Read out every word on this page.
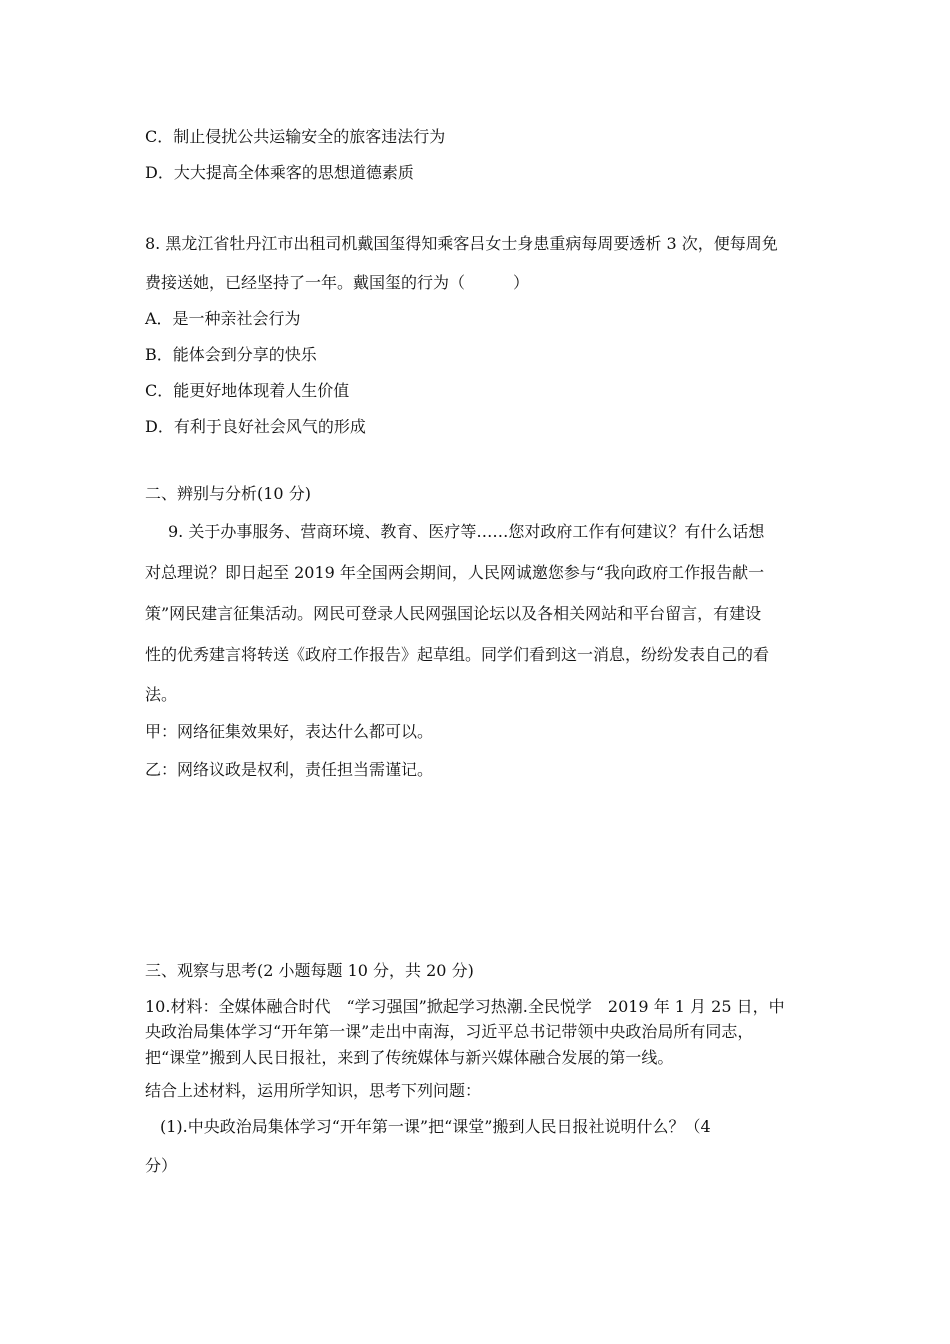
C．制止侵扰公共运输安全的旅客违法行为
D．大大提高全体乘客的思想道德素质
8. 黑龙江省牡丹江市出租司机戴国玺得知乘客吕女士身患重病每周要透析 3 次，便每周免
费接送她，已经坚持了一年。戴国玺的行为（　　　）
A．是一种亲社会行为
B．能体会到分享的快乐
C．能更好地体现着人生价值
D．有利于良好社会风气的形成
二、辨别与分析(10 分)
9. 关于办事服务、营商环境、教育、医疗等……您对政府工作有何建议？有什么话想
对总理说？即日起至 2019 年全国两会期间，人民网诚邀您参与“我向政府工作报告献一
策”网民建言征集活动。网民可登录人民网强国论坛以及各相关网站和平台留言，有建设
性的优秀建言将转送《政府工作报告》起草组。同学们看到这一消息，纷纷发表自己的看
法。
甲：网络征集效果好，表达什么都可以。
乙：网络议政是权利，责任担当需谨记。
三、观察与思考(2 小题每题 10 分，共 20 分)
10.材料：全媒体融合时代　“学习强国”掀起学习热潮.全民悦学　2019 年 1 月 25 日，中
央政治局集体学习“开年第一课”走出中南海，习近平总书记带领中央政治局所有同志，
把“课堂”搬到人民日报社，来到了传统媒体与新兴媒体融合发展的第一线。
结合上述材料，运用所学知识，思考下列问题：
(1).中央政治局集体学习“开年第一课”把“课堂”搬到人民日报社说明什么？（4
分）
